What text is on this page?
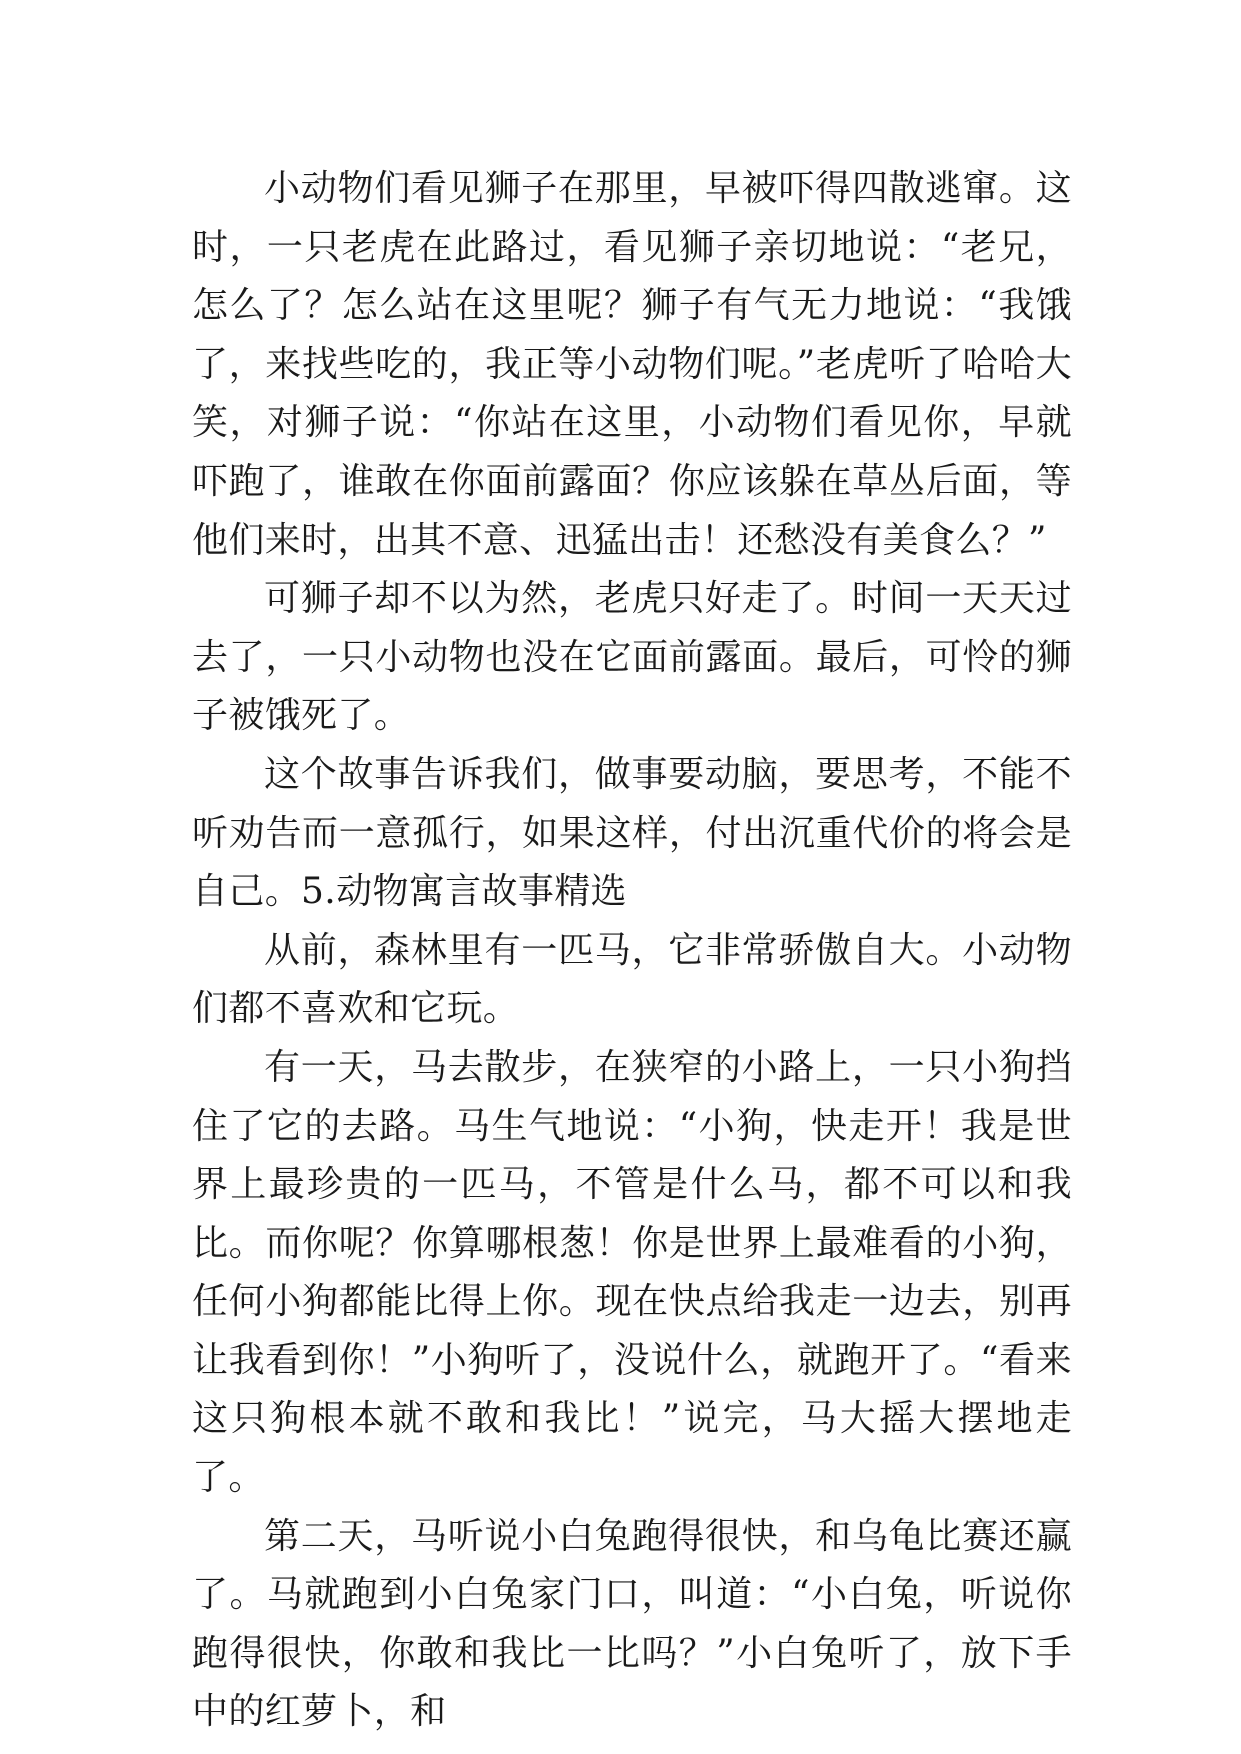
小动物们看见狮子在那里，早被吓得四散逃窜。这时，一只老虎在此路过，看见狮子亲切地说：“老兄，怎么了？怎么站在这里呢？狮子有气无力地说：“我饿了，来找些吃的，我正等小动物们呢。”老虎听了哈哈大笑，对狮子说：“你站在这里，小动物们看见你，早就吓跑了，谁敢在你面前露面？你应该躲在草丛后面，等他们来时，出其不意、迅猛出击！还愁没有美食么？”

可狮子却不以为然，老虎只好走了。时间一天天过去了，一只小动物也没在它面前露面。最后，可怜的狮子被饿死了。

这个故事告诉我们，做事要动脑，要思考，不能不听劝告而一意孤行，如果这样，付出沉重代价的将会是自己。5.动物寓言故事精选

从前，森林里有一匹马，它非常骄傲自大。小动物们都不喜欢和它玩。

有一天，马去散步，在狭窄的小路上，一只小狗挡住了它的去路。马生气地说：“小狗，快走开！我是世界上最珍贵的一匹马，不管是什么马，都不可以和我比。而你呢？你算哪根葱！你是世界上最难看的小狗，任何小狗都能比得上你。现在快点给我走一边去，别再让我看到你！”小狗听了，没说什么，就跑开了。“看来这只狗根本就不敢和我比！”说完，马大摇大摆地走了。

第二天，马听说小白兔跑得很快，和乌龟比赛还赢了。马就跑到小白兔家门口，叫道：“小白兔，听说你跑得很快，你敢和我比一比吗？”小白兔听了，放下手中的红萝卜，和
